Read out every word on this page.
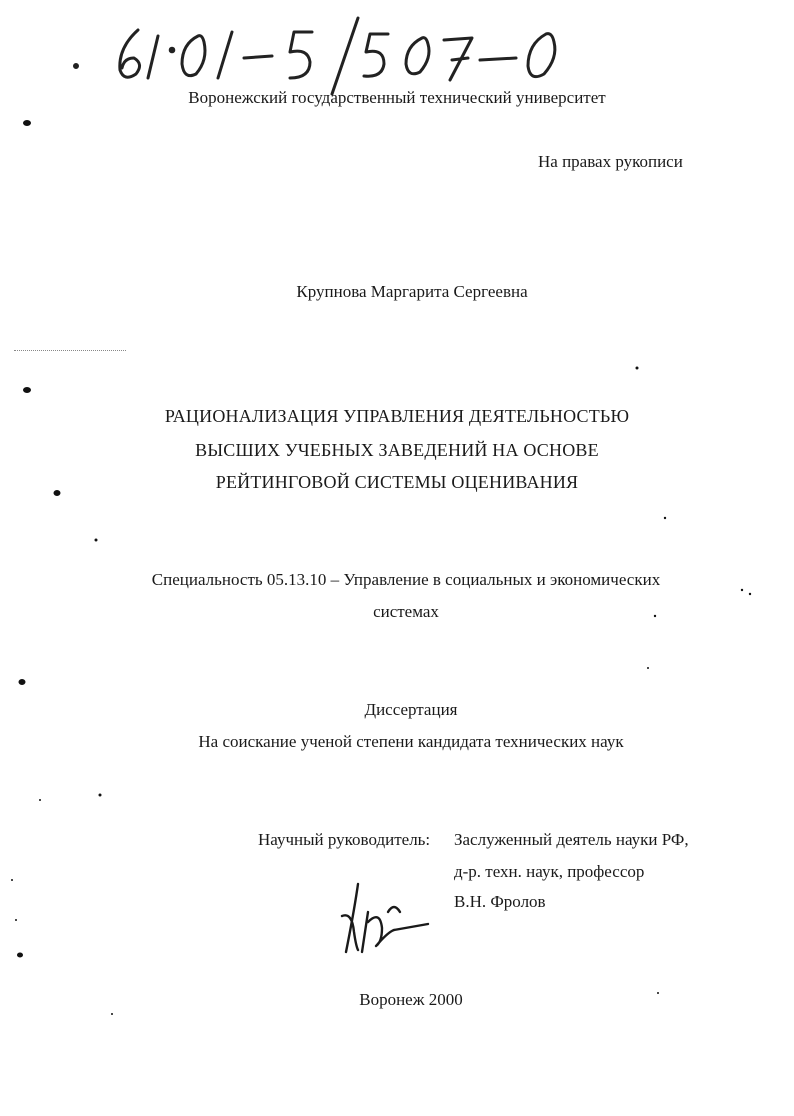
Воронежский государственный технический университет
На правах рукописи
Крупнова Маргарита Сергеевна
РАЦИОНАЛИЗАЦИЯ УПРАВЛЕНИЯ ДЕЯТЕЛЬНОСТЬЮ
ВЫСШИХ УЧЕБНЫХ ЗАВЕДЕНИЙ НА ОСНОВЕ
РЕЙТИНГОВОЙ СИСТЕМЫ ОЦЕНИВАНИЯ
Специальность 05.13.10 – Управление в социальных и экономических
системах
Диссертация
На соискание ученой степени кандидата технических наук
Научный руководитель: Заслуженный деятель науки РФ,
д-р. техн. наук, профессор
В.Н. Фролов
Воронеж 2000
